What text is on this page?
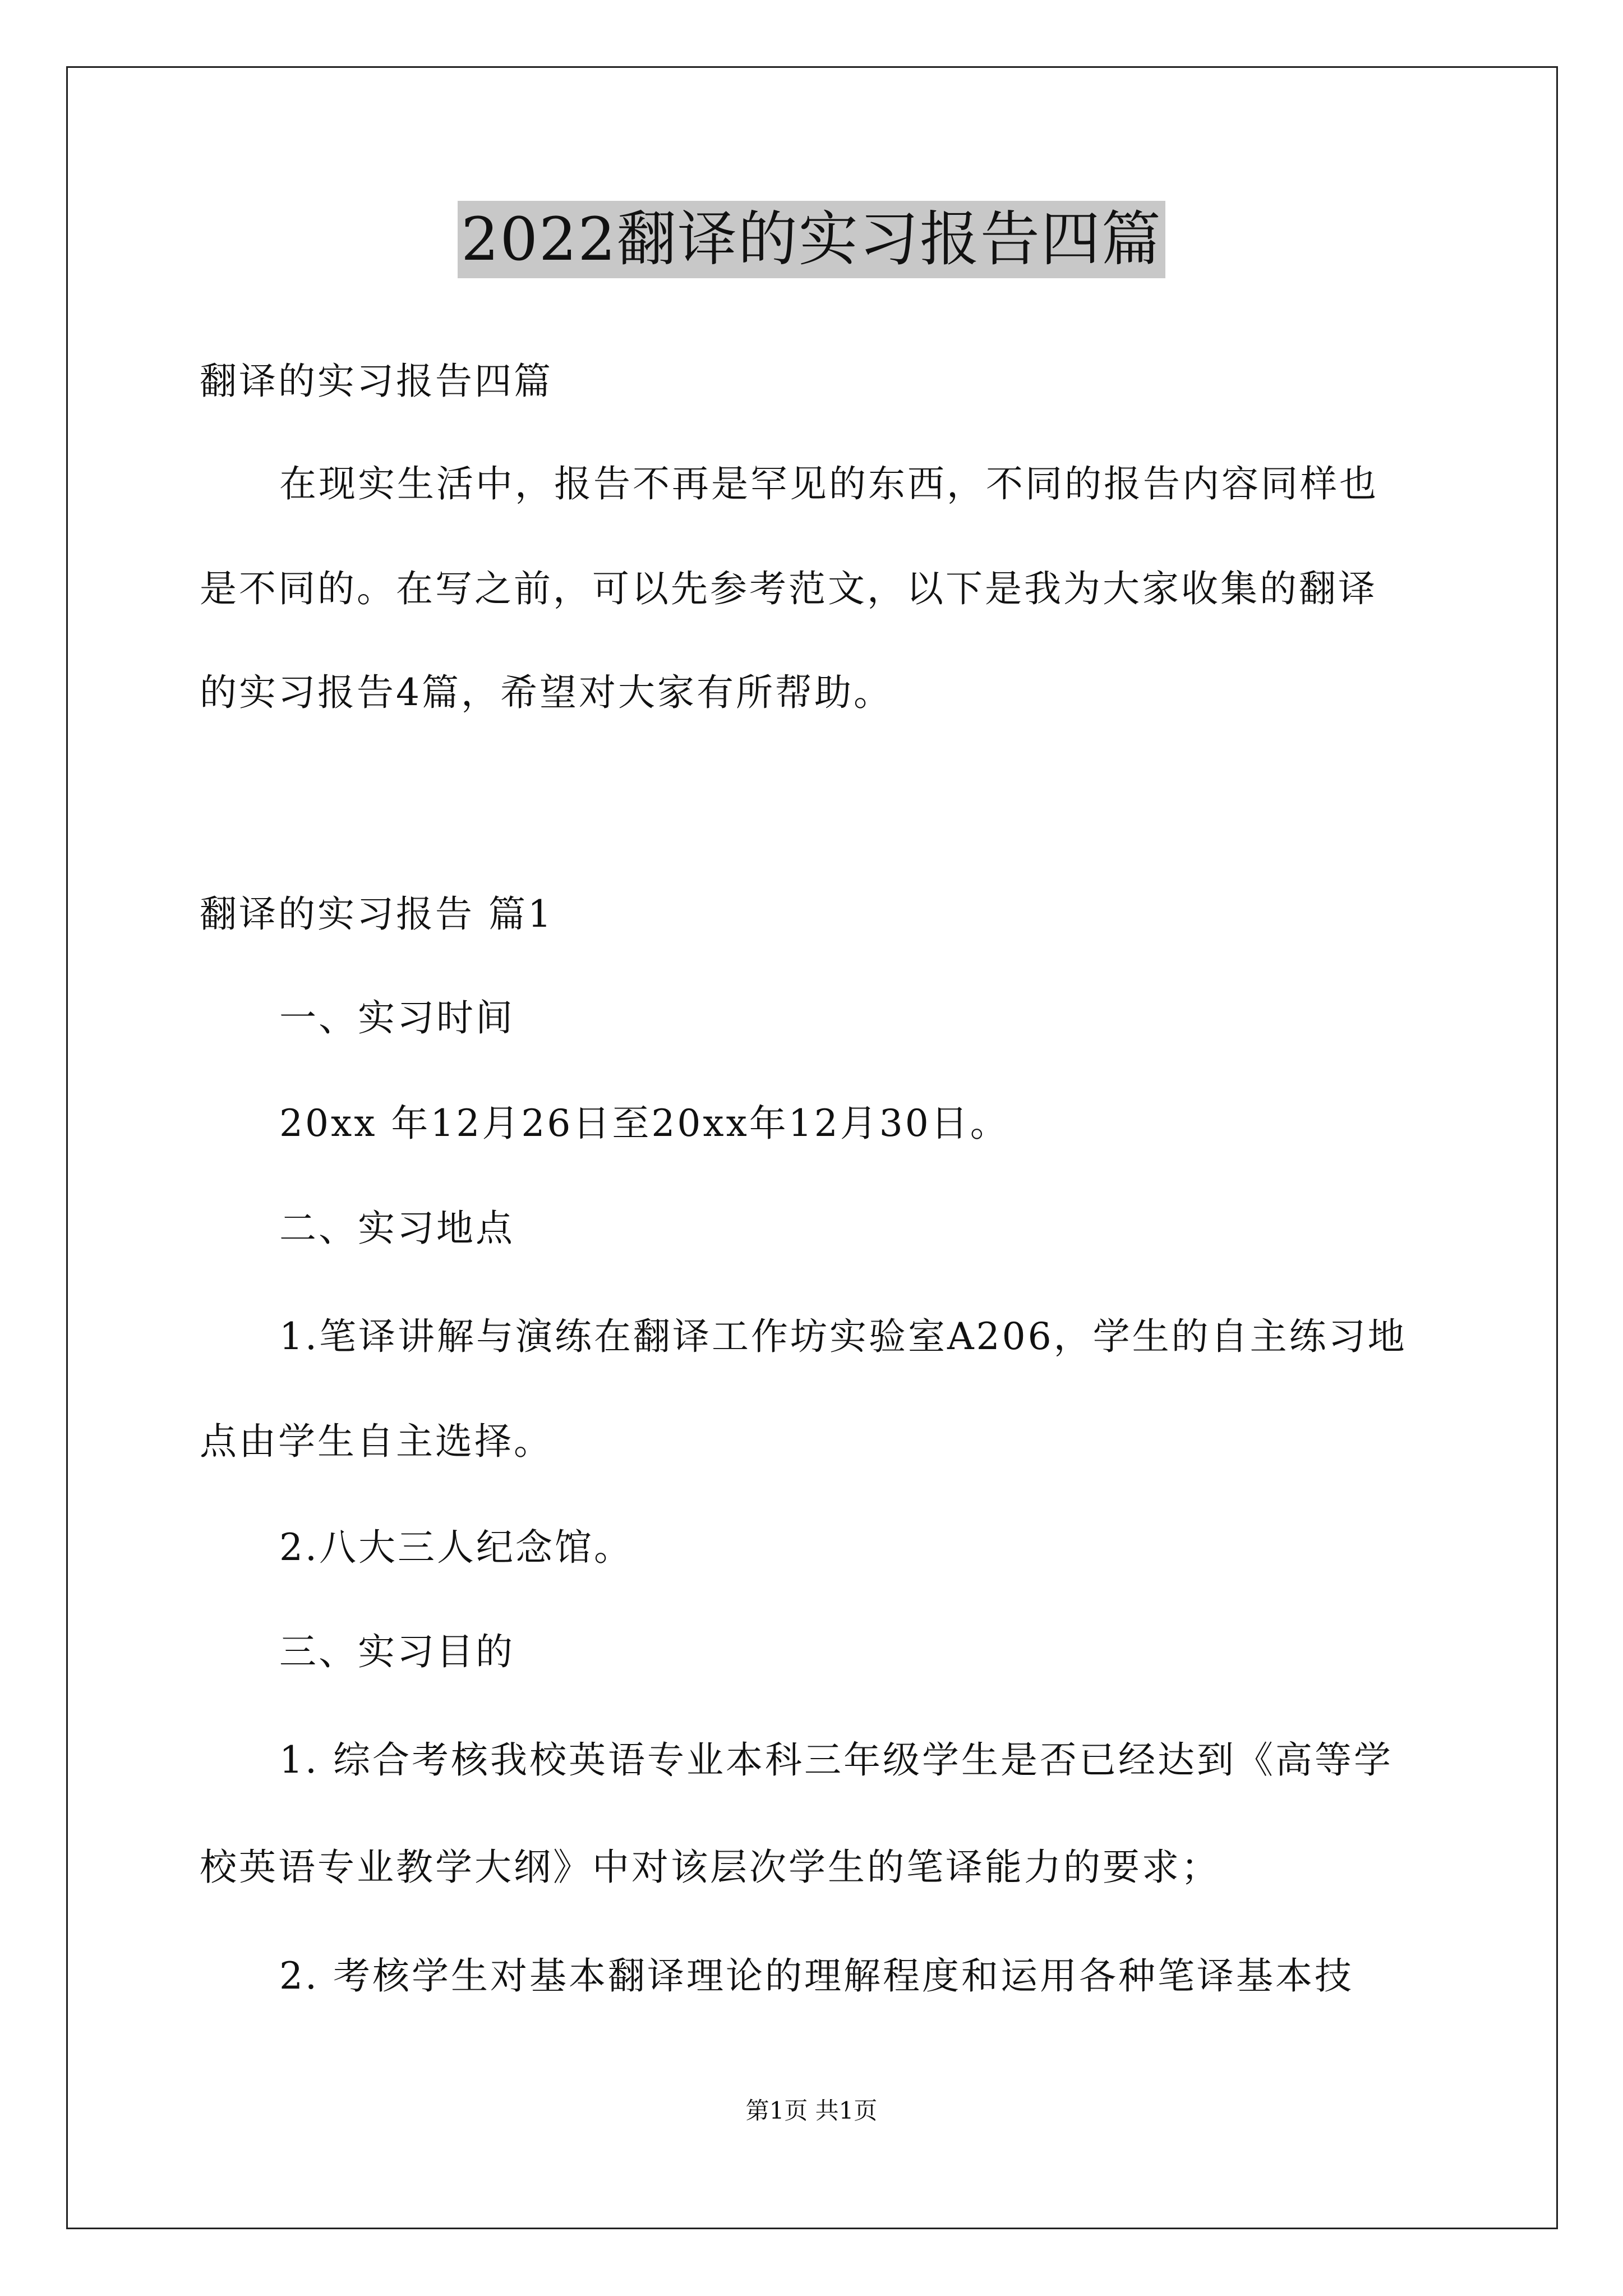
2022翻译的实习报告四篇
翻译的实习报告四篇
在现实生活中，报告不再是罕见的东西，不同的报告内容同样也
是不同的。在写之前，可以先参考范文，以下是我为大家收集的翻译
的实习报告4篇，希望对大家有所帮助。
翻译的实习报告 篇1
一、实习时间
20xx 年12月26日至20xx年12月30日。
二、实习地点
1.笔译讲解与演练在翻译工作坊实验室A206，学生的自主练习地
点由学生自主选择。
2.八大三人纪念馆。
三、实习目的
1. 综合考核我校英语专业本科三年级学生是否已经达到《高等学
校英语专业教学大纲》中对该层次学生的笔译能力的要求；
2. 考核学生对基本翻译理论的理解程度和运用各种笔译基本技
第1页 共1页
